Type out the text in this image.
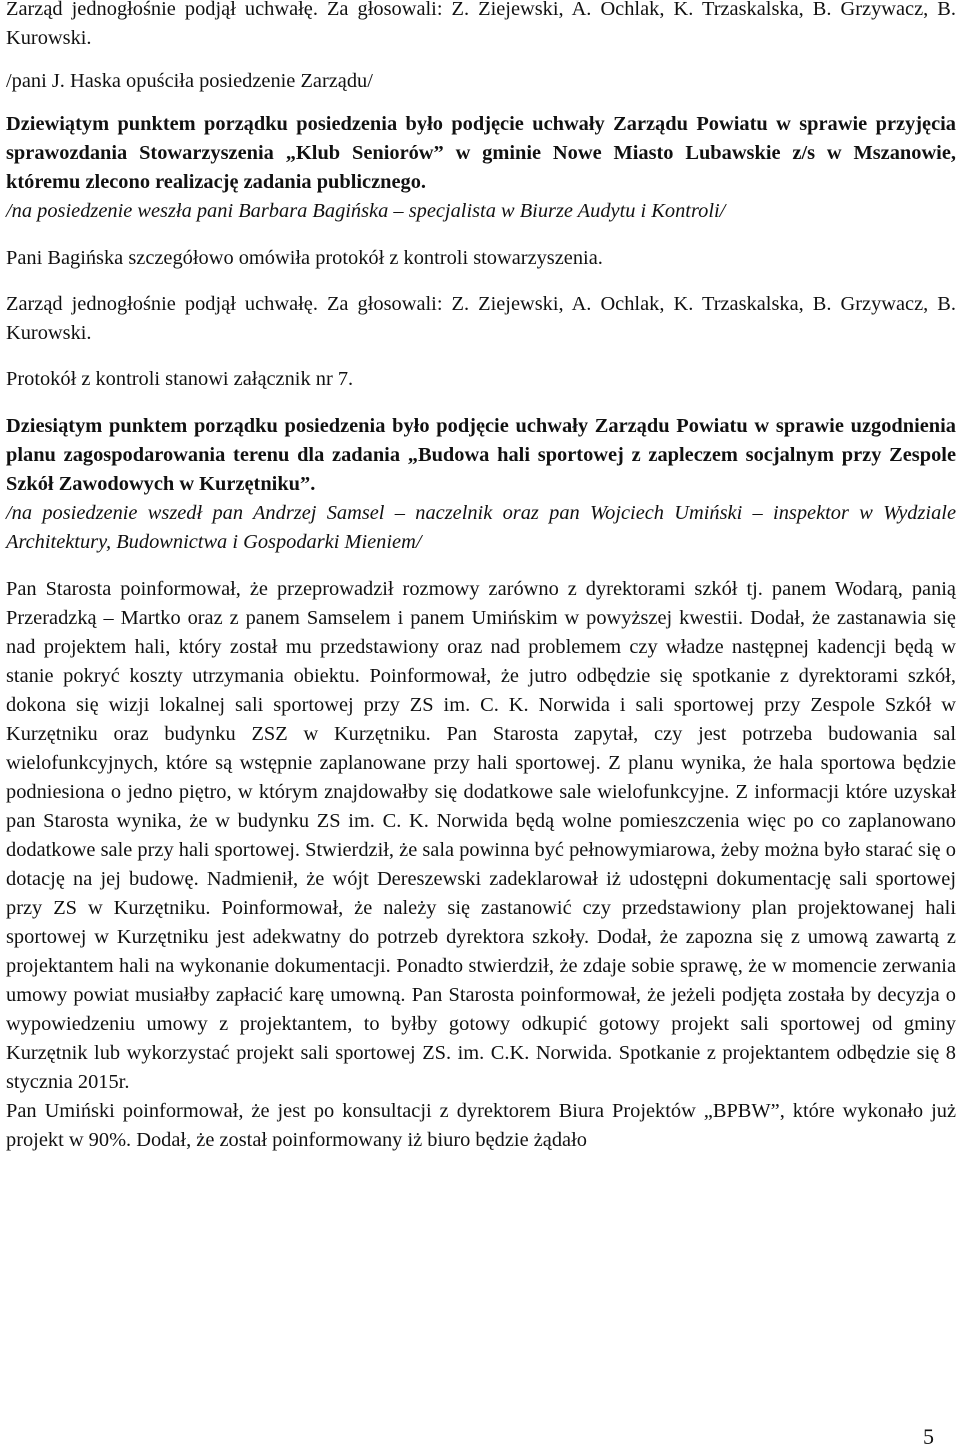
Zarząd jednogłośnie podjął uchwałę. Za głosowali: Z. Ziejewski, A. Ochlak, K. Trzaskalska, B. Grzywacz, B. Kurowski.

/pani J. Haska opuściła posiedzenie Zarządu/

Dziewiątym punktem porządku posiedzenia było podjęcie uchwały Zarządu Powiatu w sprawie przyjęcia sprawozdania Stowarzyszenia „Klub Seniorów” w gminie Nowe Miasto Lubawskie z/s w Mszanowie, któremu zlecono realizację zadania publicznego.

/na posiedzenie weszła pani Barbara Bagińska – specjalista w Biurze Audytu i Kontroli/

Pani Bagińska szczegółowo omówiła protokół z kontroli stowarzyszenia.

Zarząd jednogłośnie podjął uchwałę. Za głosowali: Z. Ziejewski, A. Ochlak, K. Trzaskalska, B. Grzywacz, B. Kurowski.

Protokół z kontroli stanowi załącznik nr 7.

Dziesiątym punktem porządku posiedzenia było podjęcie uchwały Zarządu Powiatu w sprawie uzgodnienia planu zagospodarowania terenu dla zadania „Budowa hali sportowej z zapleczem socjalnym przy Zespole Szkół Zawodowych w Kurzętniku”.

/na posiedzenie wszedł pan Andrzej Samsel – naczelnik oraz pan Wojciech Umiński – inspektor w Wydziale Architektury, Budownictwa i Gospodarki Mieniem/

Pan Starosta poinformował, że przeprowadził rozmowy zarówno z dyrektorami szkół tj. panem Wodarą, panią Przeradzką – Martko oraz z panem Samselem i panem Umińskim w powyższej kwestii. Dodał, że zastanawia się nad projektem hali, który został mu przedstawiony oraz nad problemem czy władze następnej kadencji będą w stanie pokryć koszty utrzymania obiektu. Poinformował, że jutro odbędzie się spotkanie z dyrektorami szkół, dokona się wizji lokalnej sali sportowej przy ZS im. C. K. Norwida i sali sportowej przy Zespole Szkół w Kurzętniku oraz budynku ZSZ w Kurzętniku. Pan Starosta zapytał, czy jest potrzeba budowania sal wielofunkcyjnych, które są wstępnie zaplanowane przy hali sportowej. Z planu wynika, że hala sportowa będzie podniesiona o jedno piętro, w którym znajdowałby się dodatkowe sale wielofunkcyjne. Z informacji które uzyskał pan Starosta wynika, że w budynku ZS im. C. K. Norwida będą wolne pomieszczenia więc po co zaplanowano dodatkowe sale przy hali sportowej. Stwierdził, że sala powinna być pełnowymiarowa, żeby można było starać się o dotację na jej budowę. Nadmienił, że wójt Dereszewski zadeklarował iż udostępni dokumentację sali sportowej przy ZS w Kurzętniku. Poinformował, że należy się zastanowić czy przedstawiony plan projektowanej hali sportowej w Kurzętniku jest adekwatny do potrzeb dyrektora szkoły. Dodał, że zapozna się z umową zawartą z projektantem hali na wykonanie dokumentacji. Ponadto stwierdził, że zdaje sobie sprawę, że w momencie zerwania umowy powiat musiałby zapłacić karę umowną. Pan Starosta poinformował, że jeżeli podjęta została by decyzja o wypowiedzeniu umowy z projektantem, to byłby gotowy odkupić gotowy projekt sali sportowej od gminy Kurzętnik lub wykorzystać projekt sali sportowej ZS. im. C.K. Norwida. Spotkanie z projektantem odbędzie się 8 stycznia 2015r.

Pan Umiński poinformował, że jest po konsultacji z dyrektorem Biura Projektów „BPBW”, które wykonało już projekt w 90%. Dodał, że został poinformowany iż biuro będzie żądało

5
